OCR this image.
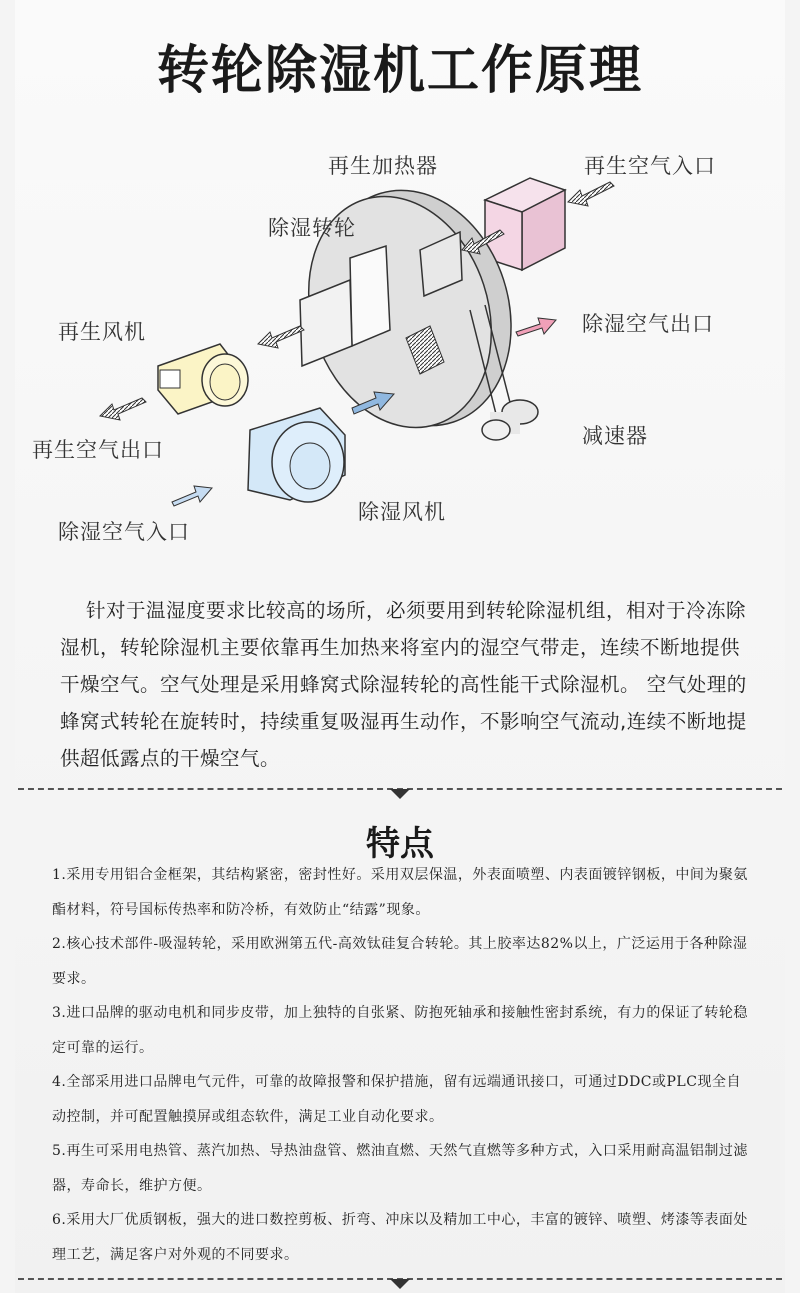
转轮除湿机工作原理
再生加热器	再生空气入口
除湿转轮
再生风机	除湿空气出口
再生空气出口
减速器
除湿风机
除湿空气入口

针对于温湿度要求比较高的场所，必须要用到转轮除湿机组，相对于冷冻除湿机，转轮除湿机主要依靠再生加热来将室内的湿空气带走，连续不断地提供干燥空气。空气处理是采用蜂窝式除湿转轮的高性能干式除湿机。 空气处理的蜂窝式转轮在旋转时，持续重复吸湿再生动作，不影响空气流动,连续不断地提供超低露点的干燥空气。

特点

1.采用专用铝合金框架，其结构紧密，密封性好。采用双层保温，外表面喷塑、内表面镀锌钢板，中间为聚氨酯材料，符号国标传热率和防冷桥，有效防止“结露”现象。

2.核心技术部件-吸湿转轮，采用欧洲第五代-高效钛硅复合转轮。其上胶率达82%以上，广泛运用于各种除湿要求。

3.进口品牌的驱动电机和同步皮带，加上独特的自张紧、防抱死轴承和接触性密封系统，有力的保证了转轮稳定可靠的运行。

4.全部采用进口品牌电气元件，可靠的故障报警和保护措施，留有远端通讯接口，可通过DDC或PLC现全自动控制，并可配置触摸屏或组态软件，满足工业自动化要求。

5.再生可采用电热管、蒸汽加热、导热油盘管、燃油直燃、天然气直燃等多种方式，入口采用耐高温铝制过滤器，寿命长，维护方便。

6.采用大厂优质钢板，强大的进口数控剪板、折弯、冲床以及精加工中心，丰富的镀锌、喷塑、烤漆等表面处理工艺，满足客户对外观的不同要求。
